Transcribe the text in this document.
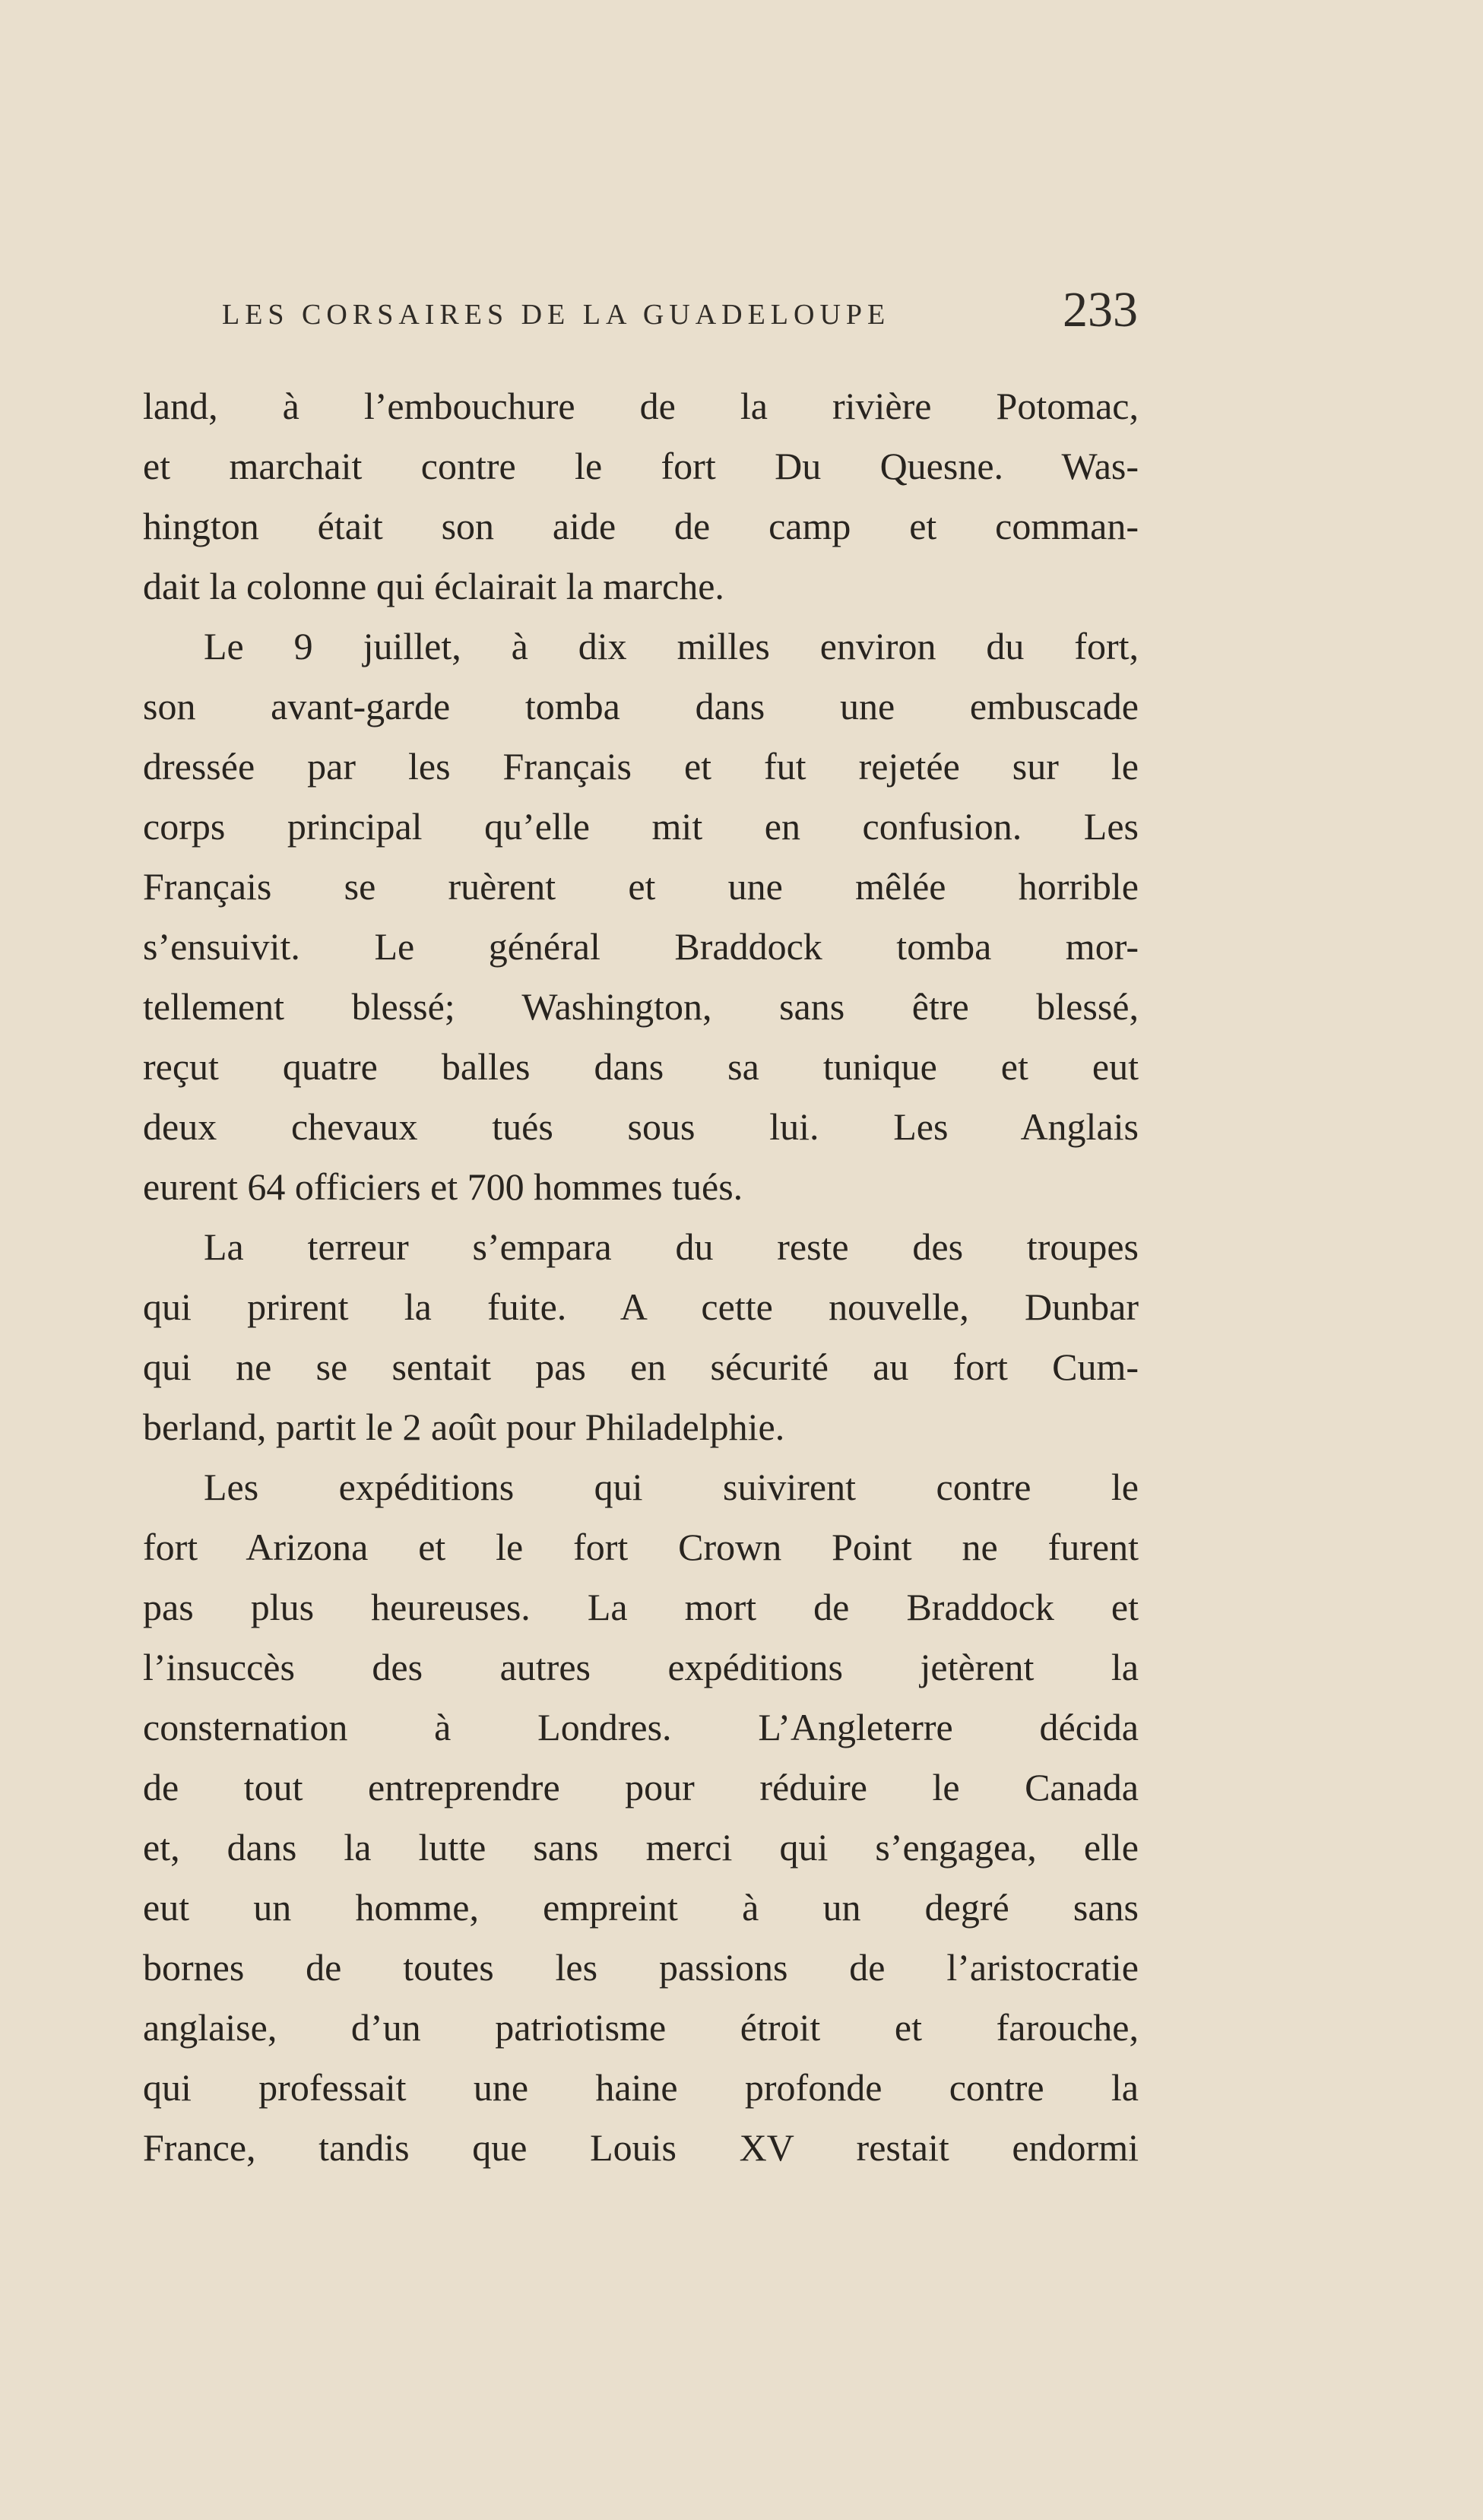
LES CORSAIRES DE LA GUADELOUPE	233
land, à l’embouchure de la rivière Potomac,
et marchait contre le fort Du Quesne. Was-
hington était son aide de camp et comman-
dait la colonne qui éclairait la marche.
Le 9 juillet, à dix milles environ du fort,
son avant-garde tomba dans une embuscade
dressée par les Français et fut rejetée sur le
corps principal qu’elle mit en confusion. Les
Français se ruèrent et une mêlée horrible
s’ensuivit. Le général Braddock tomba mor-
tellement blessé; Washington, sans être blessé,
reçut quatre balles dans sa tunique et eut
deux chevaux tués sous lui. Les Anglais
eurent 64 officiers et 700 hommes tués.
La terreur s’empara du reste des troupes
qui prirent la fuite. A cette nouvelle, Dunbar
qui ne se sentait pas en sécurité au fort Cum-
berland, partit le 2 août pour Philadelphie.
Les expéditions qui suivirent contre le
fort Arizona et le fort Crown Point ne furent
pas plus heureuses. La mort de Braddock et
l’insuccès des autres expéditions jetèrent la
consternation à Londres. L’Angleterre décida
de tout entreprendre pour réduire le Canada
et, dans la lutte sans merci qui s’engagea, elle
eut un homme, empreint à un degré sans
bornes de toutes les passions de l’aristocratie
anglaise, d’un patriotisme étroit et farouche,
qui professait une haine profonde contre la
France, tandis que Louis XV restait endormi
